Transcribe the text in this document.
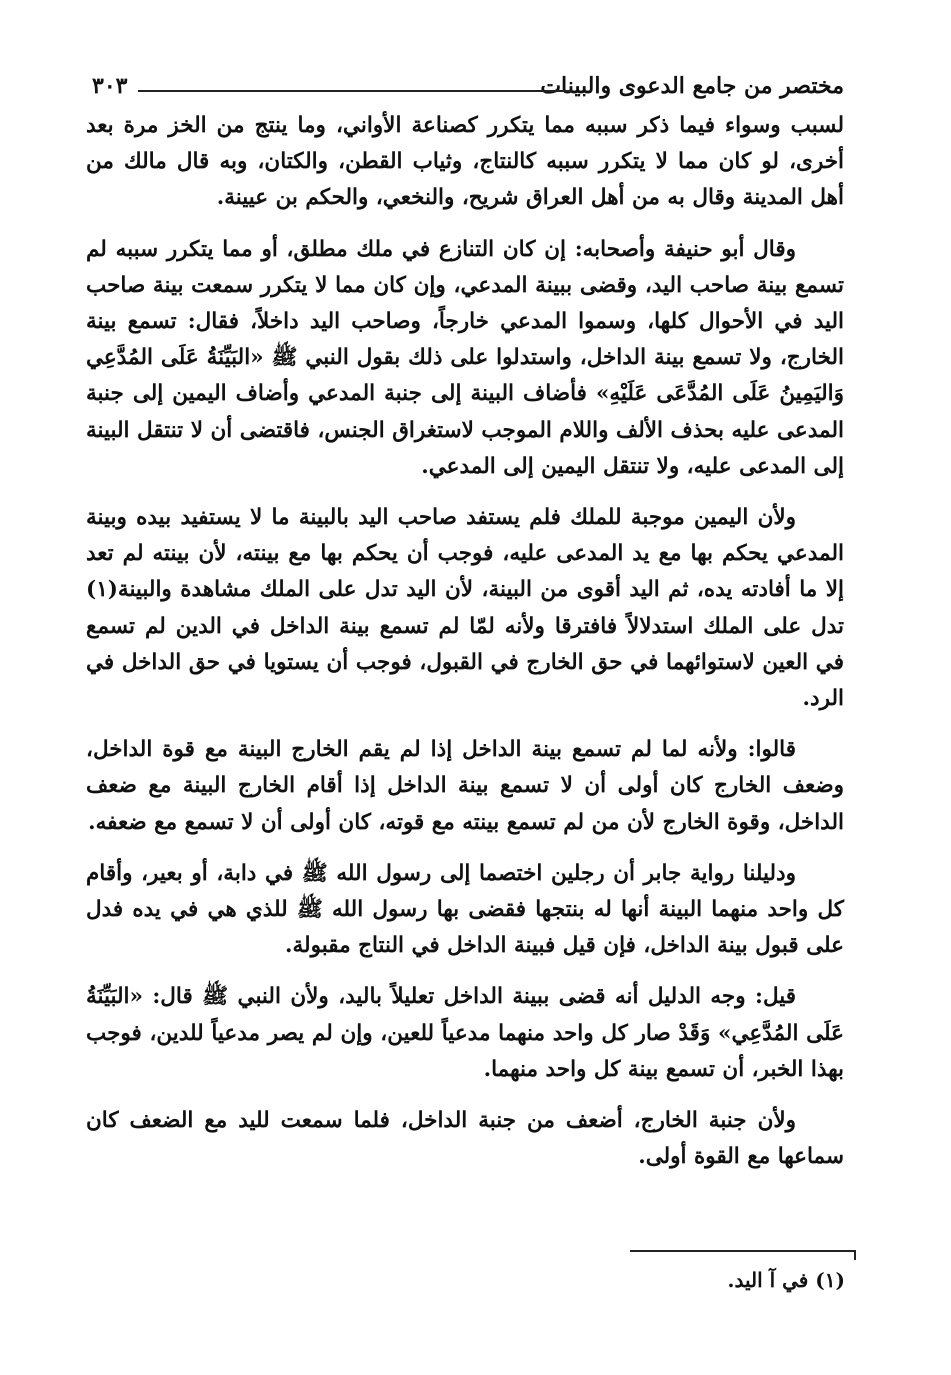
مختصر من جامع الدعوى والبينات
٣٠٣

لسبب وسواء فيما ذكر سببه مما يتكرر كصناعة الأواني، وما ينتج من الخز مرة بعد أخرى، لو كان مما لا يتكرر سببه كالنتاج، وثياب القطن، والكتان، وبه قال مالك من أهل المدينة وقال به من أهل العراق شريح، والنخعي، والحكم بن عيينة.

وقال أبو حنيفة وأصحابه: إن كان التنازع في ملك مطلق، أو مما يتكرر سببه لم تسمع بينة صاحب اليد، وقضى ببينة المدعي، وإن كان مما لا يتكرر سمعت بينة صاحب اليد في الأحوال كلها، وسموا المدعي خارجاً، وصاحب اليد داخلاً، فقال: تسمع بينة الخارج، ولا تسمع بينة الداخل، واستدلوا على ذلك بقول النبي ﷺ «البَيِّنَةُ عَلَى المُدَّعِي وَاليَمِينُ عَلَى المُدَّعَى عَلَيْهِ» فأضاف البينة إلى جنبة المدعي وأضاف اليمين إلى جنبة المدعى عليه بحذف الألف واللام الموجب لاستغراق الجنس، فاقتضى أن لا تنتقل البينة إلى المدعى عليه، ولا تنتقل اليمين إلى المدعي.

ولأن اليمين موجبة للملك فلم يستفد صاحب اليد بالبينة ما لا يستفيد بيده وبينة المدعي يحكم بها مع يد المدعى عليه، فوجب أن يحكم بها مع بينته، لأن بينته لم تعد إلا ما أفادته يده، ثم اليد أقوى من البينة، لأن اليد تدل على الملك مشاهدة والبينة(١) تدل على الملك استدلالاً فافترقا ولأنه لمّا لم تسمع بينة الداخل في الدين لم تسمع في العين لاستوائهما في حق الخارج في القبول، فوجب أن يستويا في حق الداخل في الرد.

قالوا: ولأنه لما لم تسمع بينة الداخل إذا لم يقم الخارج البينة مع قوة الداخل، وضعف الخارج كان أولى أن لا تسمع بينة الداخل إذا أقام الخارج البينة مع ضعف الداخل، وقوة الخارج لأن من لم تسمع بينته مع قوته، كان أولى أن لا تسمع مع ضعفه.

ودليلنا رواية جابر أن رجلين اختصما إلى رسول الله ﷺ في دابة، أو بعير، وأقام كل واحد منهما البينة أنها له بنتجها فقضى بها رسول الله ﷺ للذي هي في يده فدل على قبول بينة الداخل، فإن قيل فبينة الداخل في النتاج مقبولة.

قيل: وجه الدليل أنه قضى ببينة الداخل تعليلاً باليد، ولأن النبي ﷺ قال: «البَيِّنَةُ عَلَى المُدَّعِي» وَقَدْ صار كل واحد منهما مدعياً للعين، وإن لم يصر مدعياً للدين، فوجب بهذا الخبر، أن تسمع بينة كل واحد منهما.

ولأن جنبة الخارج، أضعف من جنبة الداخل، فلما سمعت لليد مع الضعف كان سماعها مع القوة أولى.

(١) في آ اليد.
